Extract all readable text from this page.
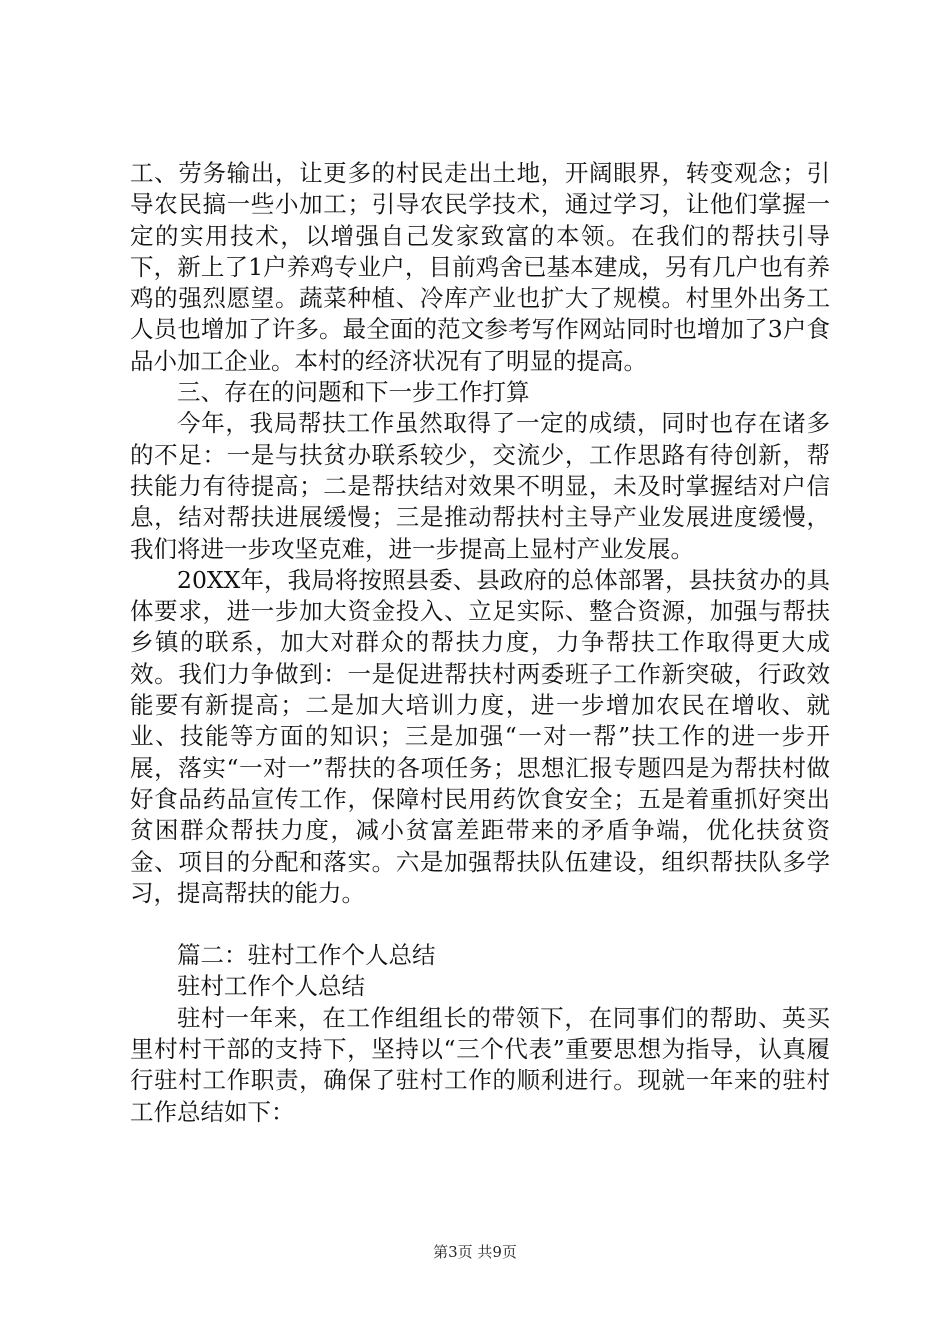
工、劳务输出，让更多的村民走出土地，开阔眼界，转变观念；引导农民搞一些小加工；引导农民学技术，通过学习，让他们掌握一定的实用技术，以增强自己发家致富的本领。在我们的帮扶引导下，新上了1户养鸡专业户，目前鸡舍已基本建成，另有几户也有养鸡的强烈愿望。蔬菜种植、冷库产业也扩大了规模。村里外出务工人员也增加了许多。最全面的范文参考写作网站同时也增加了3户食品小加工企业。本村的经济状况有了明显的提高。

三、存在的问题和下一步工作打算

今年，我局帮扶工作虽然取得了一定的成绩，同时也存在诸多的不足：一是与扶贫办联系较少，交流少，工作思路有待创新，帮扶能力有待提高；二是帮扶结对效果不明显，未及时掌握结对户信息，结对帮扶进展缓慢；三是推动帮扶村主导产业发展进度缓慢，我们将进一步攻坚克难，进一步提高上显村产业发展。

20XX年，我局将按照县委、县政府的总体部署，县扶贫办的具体要求，进一步加大资金投入、立足实际、整合资源，加强与帮扶乡镇的联系，加大对群众的帮扶力度，力争帮扶工作取得更大成效。我们力争做到：一是促进帮扶村两委班子工作新突破，行政效能要有新提高；二是加大培训力度，进一步增加农民在增收、就业、技能等方面的知识；三是加强“一对一帮”扶工作的进一步开展，落实“一对一”帮扶的各项任务；思想汇报专题四是为帮扶村做好食品药品宣传工作，保障村民用药饮食安全；五是着重抓好突出贫困群众帮扶力度，减小贫富差距带来的矛盾争端，优化扶贫资金、项目的分配和落实。六是加强帮扶队伍建设，组织帮扶队多学习，提高帮扶的能力。

篇二：驻村工作个人总结

驻村工作个人总结

驻村一年来，在工作组组长的带领下，在同事们的帮助、英买里村村干部的支持下，坚持以“三个代表”重要思想为指导，认真履行驻村工作职责，确保了驻村工作的顺利进行。现就一年来的驻村工作总结如下：

第3页 共9页
